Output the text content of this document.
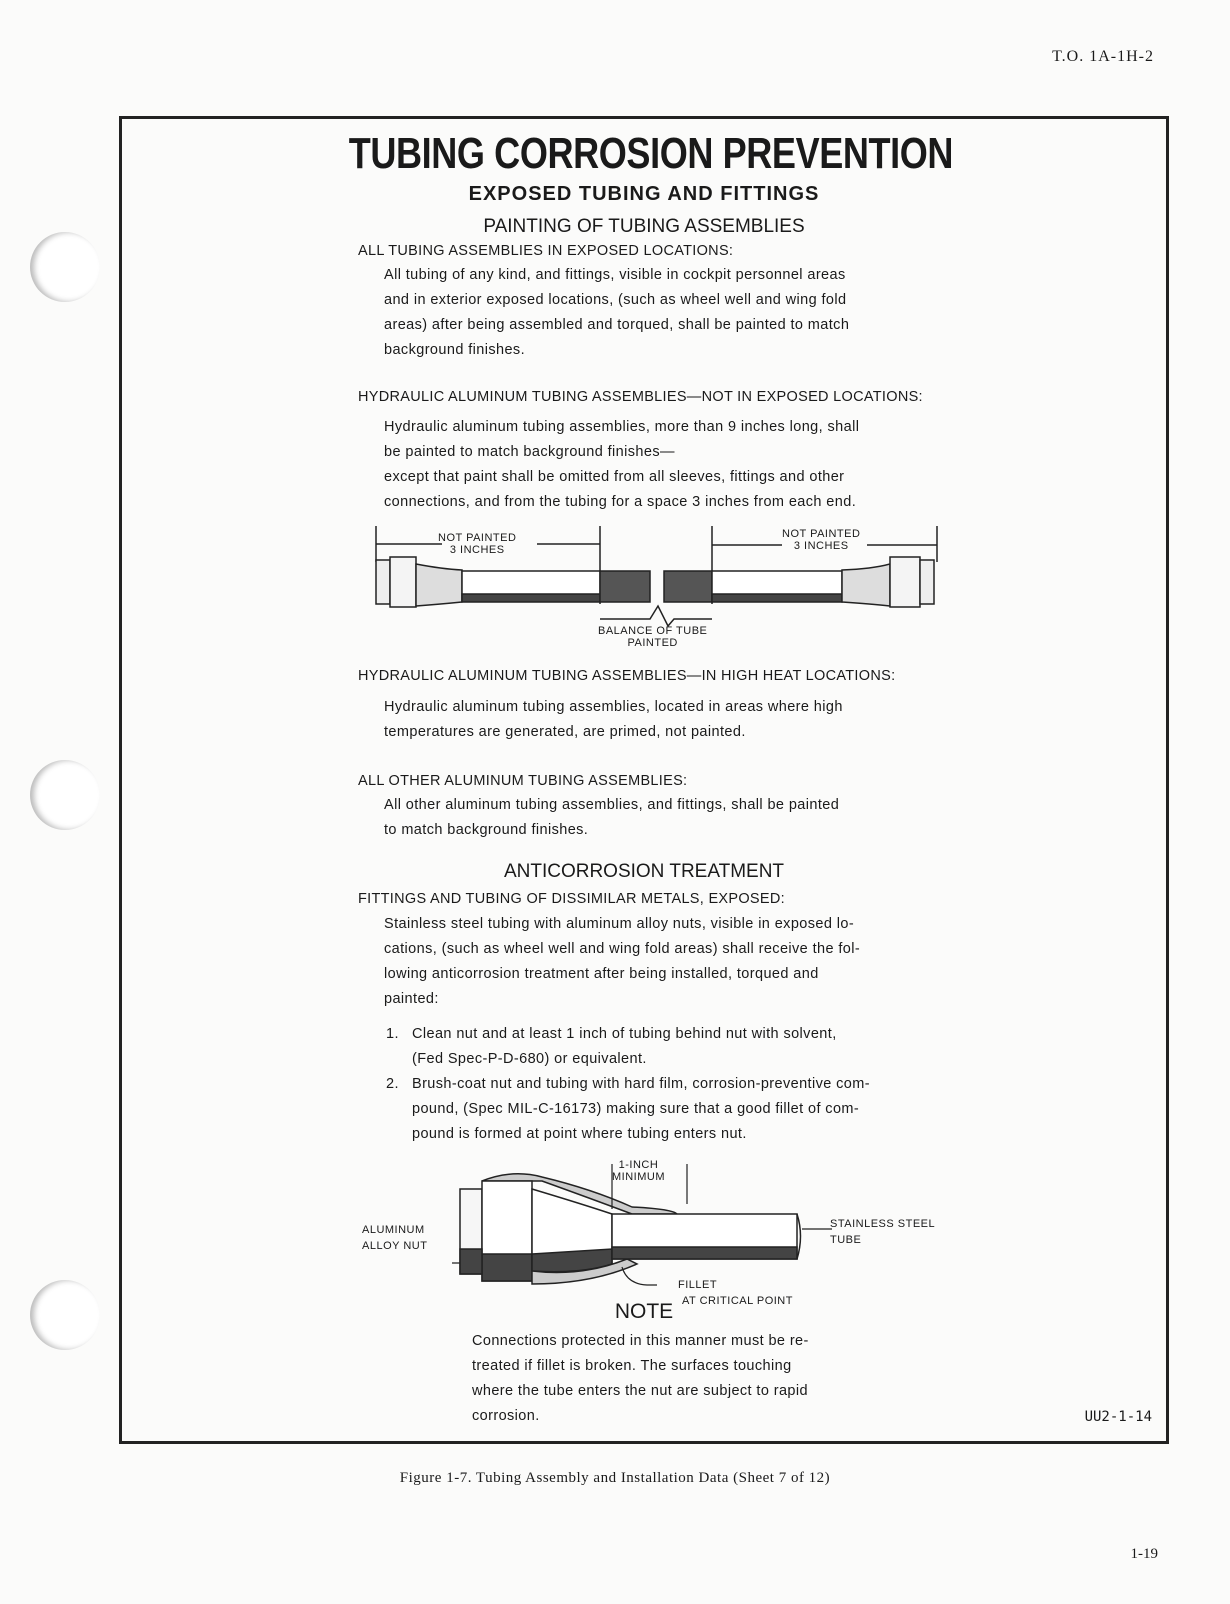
T.O. 1A-1H-2
TUBING CORROSION PREVENTION
EXPOSED TUBING AND FITTINGS
PAINTING OF TUBING ASSEMBLIES
ALL TUBING ASSEMBLIES IN EXPOSED LOCATIONS:
All tubing of any kind, and fittings, visible in cockpit personnel areas
and in exterior exposed locations, (such as wheel well and wing fold
areas) after being assembled and torqued, shall be painted to match
background finishes.
HYDRAULIC ALUMINUM TUBING ASSEMBLIES—NOT IN EXPOSED LOCATIONS:
Hydraulic aluminum tubing assemblies, more than 9 inches long, shall
be painted to match background finishes—
except that paint shall be omitted from all sleeves, fittings and other
connections, and from the tubing for a space 3 inches from each end.
NOT PAINTED
3 INCHES
NOT PAINTED
3 INCHES
BALANCE OF TUBE
PAINTED
HYDRAULIC ALUMINUM TUBING ASSEMBLIES—IN HIGH HEAT LOCATIONS:
Hydraulic aluminum tubing assemblies, located in areas where high
temperatures are generated, are primed, not painted.
ALL OTHER ALUMINUM TUBING ASSEMBLIES:
All other aluminum tubing assemblies, and fittings, shall be painted
to match background finishes.
ANTICORROSION TREATMENT
FITTINGS AND TUBING OF DISSIMILAR METALS, EXPOSED:
Stainless steel tubing with aluminum alloy nuts, visible in exposed lo-
cations, (such as wheel well and wing fold areas) shall receive the fol-
lowing anticorrosion treatment after being installed, torqued and
painted:
1. Clean nut and at least 1 inch of tubing behind nut with solvent,
(Fed Spec-P-D-680) or equivalent.
2. Brush-coat nut and tubing with hard film, corrosion-preventive com-
pound, (Spec MIL-C-16173) making sure that a good fillet of com-
pound is formed at point where tubing enters nut.
1-INCH
MINIMUM
ALUMINUM
ALLOY NUT
STAINLESS STEEL
TUBE
FILLET
AT CRITICAL POINT
NOTE
Connections protected in this manner must be re-
treated if fillet is broken. The surfaces touching
where the tube enters the nut are subject to rapid
corrosion.	UU2-1-14
Figure 1-7. Tubing Assembly and Installation Data (Sheet 7 of 12)
1-19
